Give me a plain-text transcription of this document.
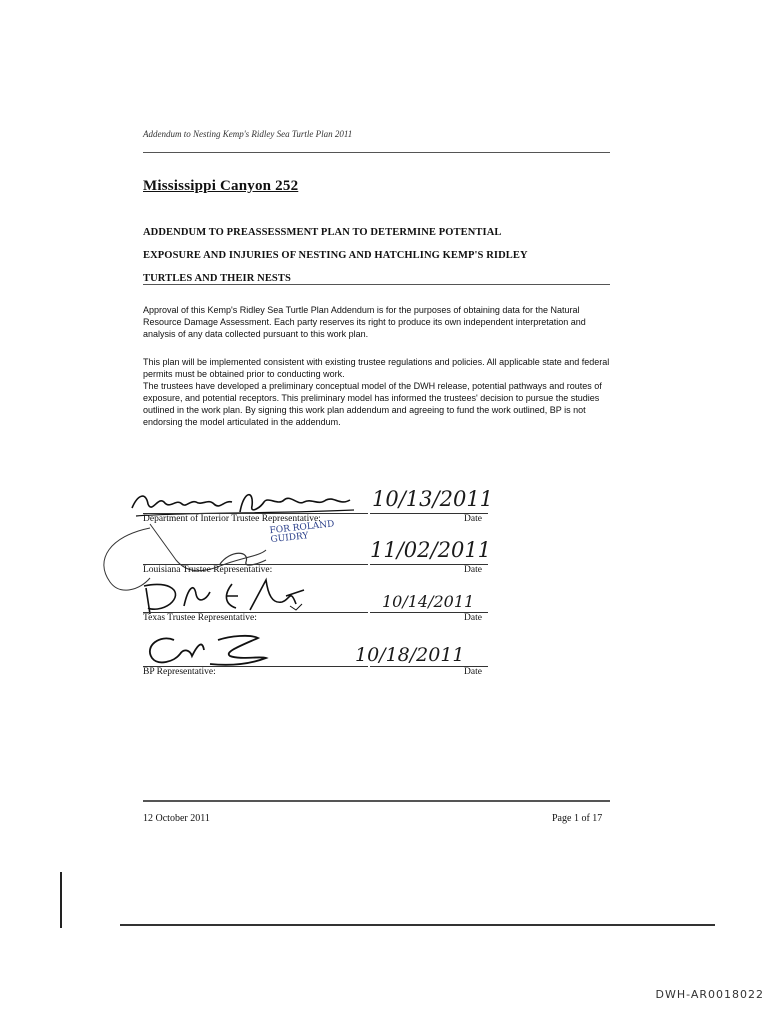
Addendum to Nesting Kemp's Ridley Sea Turtle Plan 2011
Mississippi Canyon 252
ADDENDUM TO PREASSESSMENT PLAN TO DETERMINE POTENTIAL
EXPOSURE AND INJURIES OF NESTING AND HATCHLING KEMP'S RIDLEY
TURTLES AND THEIR NESTS
Approval of this Kemp's Ridley Sea Turtle Plan Addendum is for the purposes of obtaining data for the Natural Resource Damage Assessment. Each party reserves its right to produce its own independent interpretation and analysis of any data collected pursuant to this work plan.
This plan will be implemented consistent with existing trustee regulations and policies. All applicable state and federal permits must be obtained prior to conducting work.
The trustees have developed a preliminary conceptual model of the DWH release, potential pathways and routes of exposure, and potential receptors. This preliminary model has informed the trustees' decision to pursue the studies outlined in the work plan. By signing this work plan addendum and agreeing to fund the work outlined, BP is not endorsing the model articulated in the addendum.
10/13/2011
Department of Interior Trustee Representative:	Date
FOR ROLAND GUIDRY	11/02/2011
Louisiana Trustee Representative:	Date
10/14/2011
Texas Trustee Representative:	Date
10/18/2011
BP Representative:	Date
12 October 2011	Page 1 of 17
DWH-AR0018022
